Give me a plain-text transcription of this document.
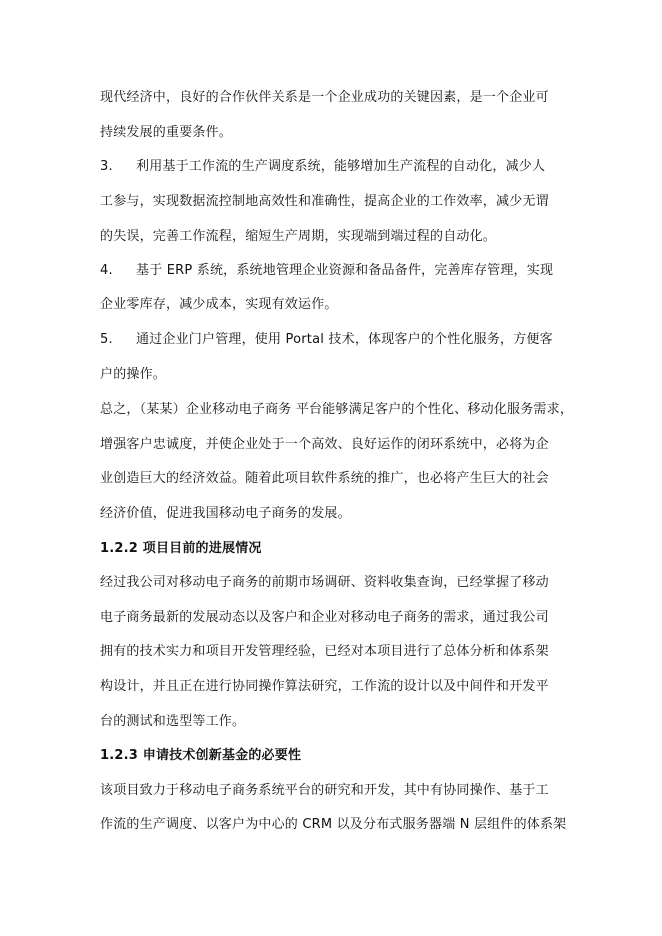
现代经济中，良好的合作伙伴关系是一个企业成功的关键因素，是一个企业可
持续发展的重要条件。
3. 利用基于工作流的生产调度系统，能够增加生产流程的自动化，减少人
工参与，实现数据流控制地高效性和准确性，提高企业的工作效率，减少无谓
的失误，完善工作流程，缩短生产周期，实现端到端过程的自动化。
4. 基于 ERP 系统，系统地管理企业资源和备品备件，完善库存管理，实现
企业零库存，减少成本，实现有效运作。
5. 通过企业门户管理，使用 Portal 技术，体现客户的个性化服务，方便客
户的操作。
总之，（某某）企业移动电子商务 平台能够满足客户的个性化、移动化服务需求，
增强客户忠诚度，并使企业处于一个高效、良好运作的闭环系统中，必将为企
业创造巨大的经济效益。随着此项目软件系统的推广，也必将产生巨大的社会
经济价值，促进我国移动电子商务的发展。
1.2.2 项目目前的进展情况
经过我公司对移动电子商务的前期市场调研、资料收集查询，已经掌握了移动
电子商务最新的发展动态以及客户和企业对移动电子商务的需求，通过我公司
拥有的技术实力和项目开发管理经验，已经对本项目进行了总体分析和体系架
构设计，并且正在进行协同操作算法研究，工作流的设计以及中间件和开发平
台的测试和选型等工作。
1.2.3 申请技术创新基金的必要性
该项目致力于移动电子商务系统平台的研究和开发，其中有协同操作、基于工
作流的生产调度、以客户为中心的 CRM 以及分布式服务器端 N 层组件的体系架
